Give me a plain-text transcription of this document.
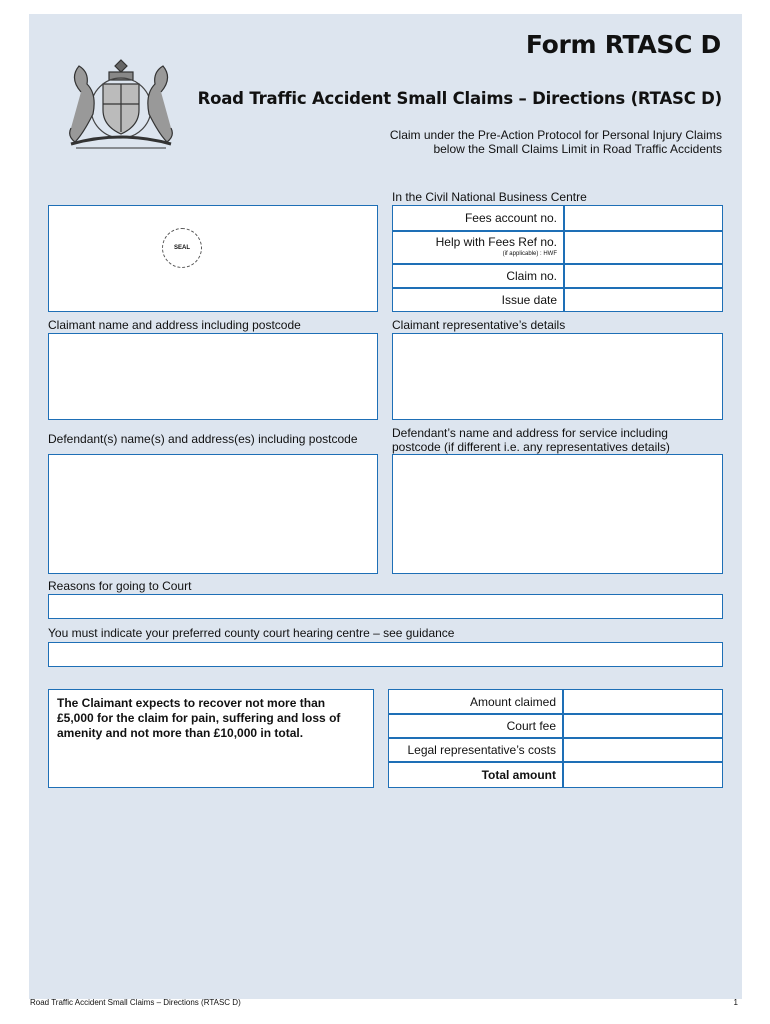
Form RTASC D
Road Traffic Accident Small Claims – Directions (RTASC D)
Claim under the Pre-Action Protocol for Personal Injury Claims
below the Small Claims Limit in Road Traffic Accidents
In the Civil National Business Centre
SEAL
Fees account no.
Help with Fees Ref no.
(if applicable) : HWF
Claim no.
Issue date
Claimant name and address including postcode	Claimant representative’s details
Defendant(s) name(s) and address(es) including postcode	Defendant’s name and address for service including
postcode (if different i.e. any representatives details)
Reasons for going to Court
You must indicate your preferred county court hearing centre – see guidance
The Claimant expects to recover not more than £5,000 for the claim for pain, suffering and loss of amenity and not more than £10,000 in total.
Amount claimed
Court fee
Legal representative’s costs
Total amount
Road Traffic Accident Small Claims – Directions (RTASC D)	1
